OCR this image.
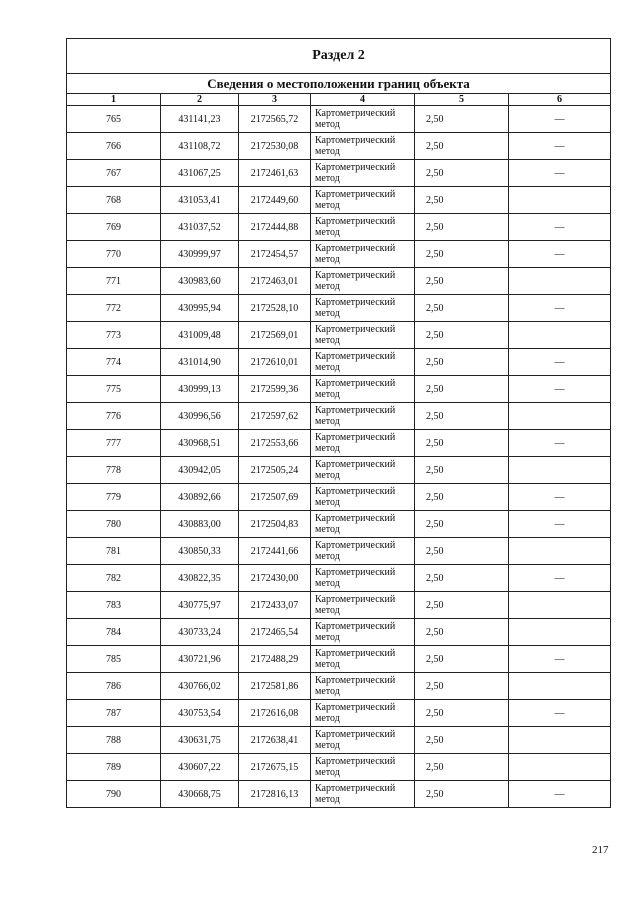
Раздел 2					
Сведения о местоположении границ объекта					
1	2	3	4	5	6
765	431141,23	2172565,72	Картометрический метод	2,50	—
766	431108,72	2172530,08	Картометрический метод	2,50	—
767	431067,25	2172461,63	Картометрический метод	2,50	—
768	431053,41	2172449,60	Картометрический метод	2,50	
769	431037,52	2172444,88	Картометрический метод	2,50	—
770	430999,97	2172454,57	Картометрический метод	2,50	—
771	430983,60	2172463,01	Картометрический метод	2,50	
772	430995,94	2172528,10	Картометрический метод	2,50	—
773	431009,48	2172569,01	Картометрический метод	2,50	
774	431014,90	2172610,01	Картометрический метод	2,50	—
775	430999,13	2172599,36	Картометрический метод	2,50	—
776	430996,56	2172597,62	Картометрический метод	2,50	
777	430968,51	2172553,66	Картометрический метод	2,50	—
778	430942,05	2172505,24	Картометрический метод	2,50	
779	430892,66	2172507,69	Картометрический метод	2,50	—
780	430883,00	2172504,83	Картометрический метод	2,50	—
781	430850,33	2172441,66	Картометрический метод	2,50	
782	430822,35	2172430,00	Картометрический метод	2,50	—
783	430775,97	2172433,07	Картометрический метод	2,50	
784	430733,24	2172465,54	Картометрический метод	2,50	
785	430721,96	2172488,29	Картометрический метод	2,50	—
786	430766,02	2172581,86	Картометрический метод	2,50	
787	430753,54	2172616,08	Картометрический метод	2,50	—
788	430631,75	2172638,41	Картометрический метод	2,50	
789	430607,22	2172675,15	Картометрический метод	2,50	
790	430668,75	2172816,13	Картометрический метод	2,50	—
217
